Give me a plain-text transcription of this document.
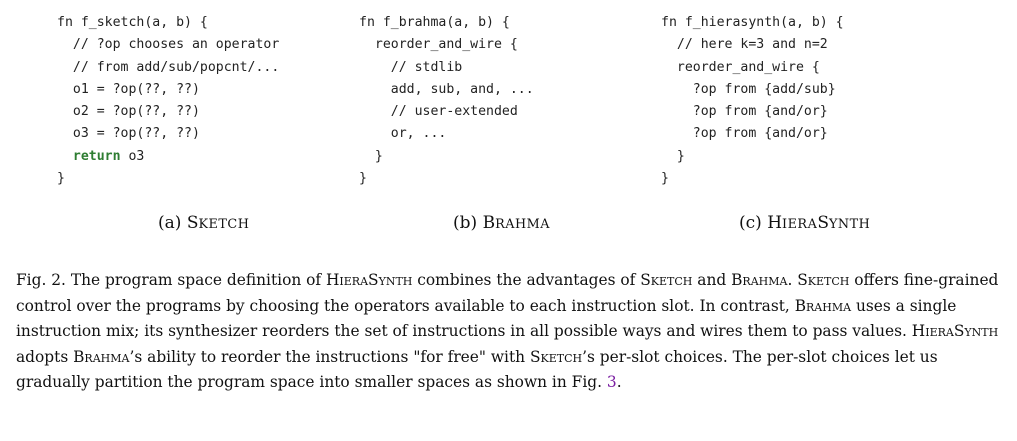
fn f_sketch(a, b) {
// ?op chooses an operator
// from add/sub/popcnt/...
o1 = ?op(??, ??)
o2 = ?op(??, ??)
o3 = ?op(??, ??)
return o3
}
(a) SKETCH
fn f_brahma(a, b) {
reorder_and_wire {
// stdlib
add, sub, and, ...
// user-extended
or, ...
}
}
(b) BRAHMA
fn f_hierasynth(a, b) {
// here k=3 and n=2
reorder_and_wire {
?op from {add/sub}
?op from {and/or}
?op from {and/or}
}
}
(c) HIERASYNTH

Fig. 2. The program space definition of HieraSynth combines the advantages of Sketch and Brahma. Sketch offers fine-grained control over the programs by choosing the operators available to each instruction slot. In contrast, Brahma uses a single instruction mix; its synthesizer reorders the set of instructions in all possible ways and wires them to pass values. HieraSynth adopts Brahma’s ability to reorder the instructions "for free" with Sketch’s per-slot choices. The per-slot choices let us gradually partition the program space into smaller spaces as shown in Fig. 3.
